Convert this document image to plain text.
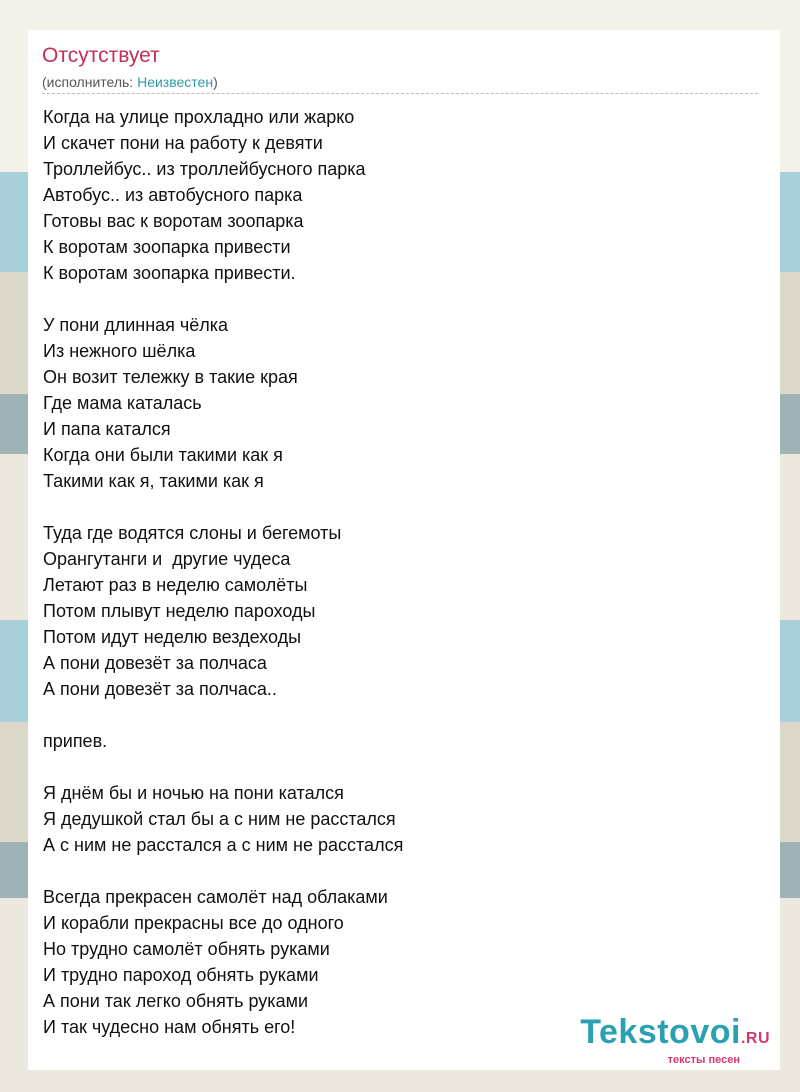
Отсутствует
(исполнитель: Неизвестен)
Когда на улице прохладно или жарко
И скачет пони на работу к девяти
Троллейбус.. из троллейбусного парка
Автобус.. из автобусного парка
Готовы вас к воротам зоопарка
К воротам зоопарка привести
К воротам зоопарка привести.
У пони длинная чёлка
Из нежного шёлка
Он возит тележку в такие края
Где мама каталась
И папа катался
Когда они были такими как я
Такими как я, такими как я
Туда где водятся слоны и бегемоты
Орангутанги и  другие чудеса
Летают раз в неделю самолёты
Потом плывут неделю пароходы
Потом идут неделю вездеходы
А пони довезёт за полчаса
А пони довезёт за полчаса..
припев.
Я днём бы и ночью на пони катался
Я дедушкой стал бы а с ним не расстался
А с ним не расстался а с ним не расстался
Всегда прекрасен самолёт над облаками
И корабли прекрасны все до одного
Но трудно самолёт обнять руками
И трудно пароход обнять руками
А пони так легко обнять руками
И так чудесно нам обнять его!	Tekstovoi.RU
тексты песен
